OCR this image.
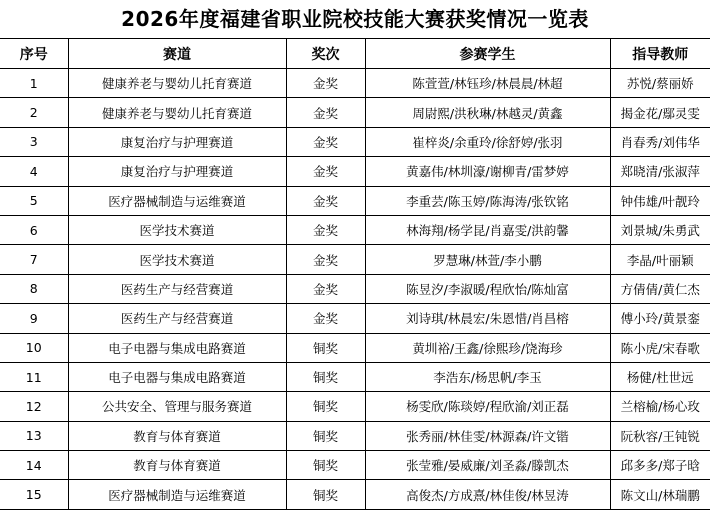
2026年度福建省职业院校技能大赛获奖情况一览表
序号	赛道	奖次	参赛学生	指导教师
1	健康养老与婴幼儿托育赛道	金奖	陈萱萱/林钰珍/林晨晨/林超	苏悦/蔡丽娇
2	健康养老与婴幼儿托育赛道	金奖	周尉熙/洪秋琳/林越灵/黄鑫	揭金花/鄢灵雯
3	康复治疗与护理赛道	金奖	崔梓炎/余重玲/徐舒婷/张羽	肖春秀/刘伟华
4	康复治疗与护理赛道	金奖	黄嘉伟/林圳濠/谢柳青/雷梦婷	郑晓清/张淑萍
5	医疗器械制造与运维赛道	金奖	李重芸/陈玉婷/陈海涛/张钦铭	钟伟雄/叶靓玲
6	医学技术赛道	金奖	林海翔/杨学昆/肖嘉雯/洪韵馨	刘景城/朱勇武
7	医学技术赛道	金奖	罗慧琳/林萱/李小鹏	李晶/叶丽颖
8	医药生产与经营赛道	金奖	陈昱汐/李淑暖/程欣怡/陈灿富	方倩倩/黄仁杰
9	医药生产与经营赛道	金奖	刘诗琪/林晨宏/朱恩惜/肖昌榕	傅小玲/黄景銮
10	电子电器与集成电路赛道	铜奖	黄圳裕/王鑫/徐熙珍/饶海珍	陈小虎/宋春歌
11	电子电器与集成电路赛道	铜奖	李浩东/杨思帆/李玉	杨健/杜世远
12	公共安全、管理与服务赛道	铜奖	杨雯欣/陈琰婷/程欣渝/刘正磊	兰榕榆/杨心玫
13	教育与体育赛道	铜奖	张秀丽/林佳雯/林源森/许文锴	阮秋容/王钝锐
14	教育与体育赛道	铜奖	张莹雅/晏威廉/刘圣淼/滕凯杰	邱多多/郑子晗
15	医疗器械制造与运维赛道	铜奖	高俊杰/方成熹/林佳俊/林昱涛	陈文山/林瑞鹏
